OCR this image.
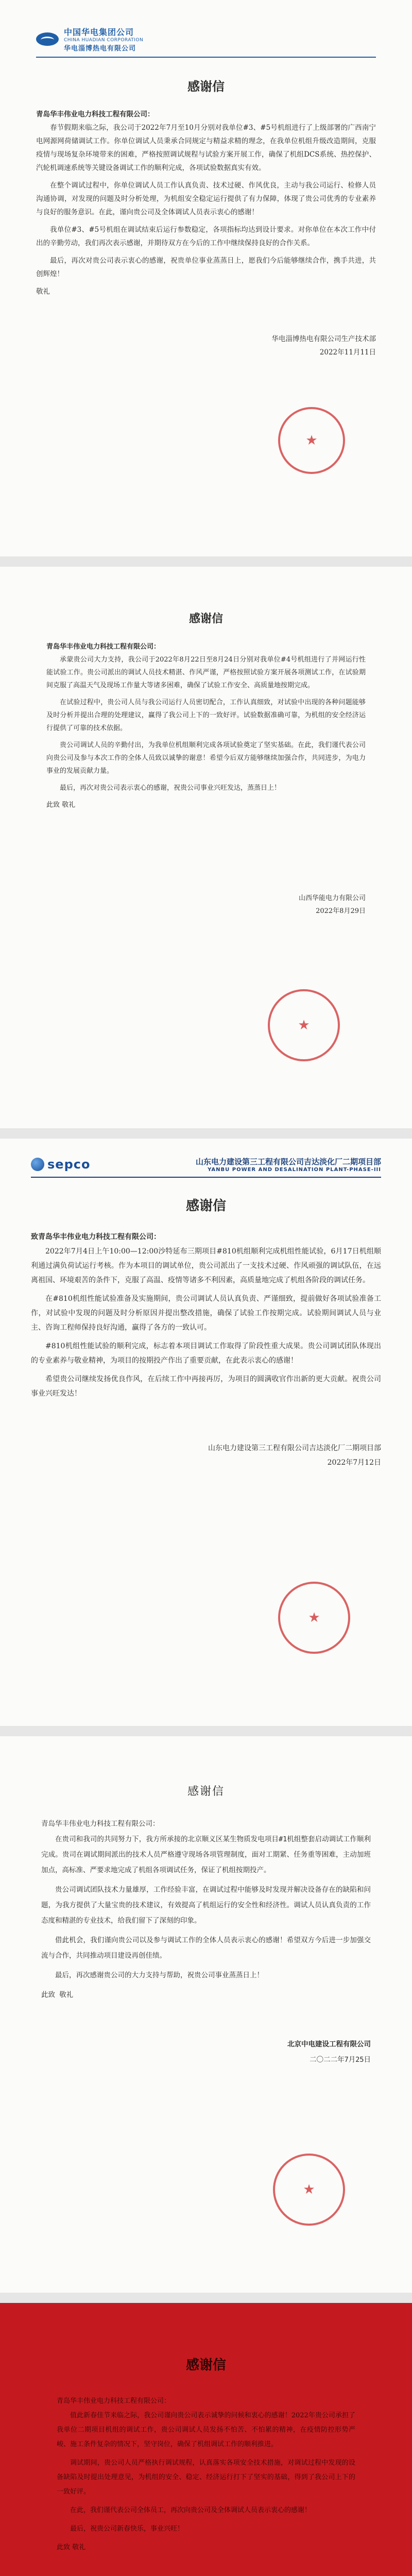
中国华电集团公司
CHINA HUADIAN CORPORATION
华电淄博热电有限公司
感谢信
青岛华丰伟业电力科技工程有限公司：

春节假期来临之际，我公司于2022年7月至10月分别对我单位#3、#5号机组进行了上级部署的广西南宁电网源网荷储调试工作。你单位调试人员秉承合同规定与精益求精的理念，在我单位机组升级改造期间，克服疫情与现场复杂环境带来的困难，严格按照调试规程与试验方案开展工作，确保了机组DCS系统、热控保护、汽轮机调速系统等关键设备调试工作的顺利完成，各项试验数据真实有效。

在整个调试过程中，你单位调试人员工作认真负责、技术过硬、作风优良，主动与我公司运行、检修人员沟通协调，对发现的问题及时分析处理，为机组安全稳定运行提供了有力保障，体现了贵公司优秀的专业素养与良好的服务意识。在此，谨向贵公司及全体调试人员表示衷心的感谢！

我单位#3、#5号机组在调试结束后运行参数稳定，各项指标均达到设计要求。对你单位在本次工作中付出的辛勤劳动，我们再次表示感谢，并期待双方在今后的工作中继续保持良好的合作关系。

最后，再次对贵公司表示衷心的感谢，祝贵单位事业蒸蒸日上，愿我们今后能够继续合作，携手共进，共创辉煌！

敬礼
华电淄博热电有限公司生产技术部
2022年11月11日
★
感谢信
青岛华丰伟业电力科技工程有限公司：

承蒙贵公司大力支持，我公司于2022年8月22日至8月24日分别对我单位#4号机组进行了并网运行性能试验工作。贵公司派出的调试人员技术精湛、作风严谨，严格按照试验方案开展各项测试工作，在试验期间克服了高温天气及现场工作量大等诸多困难，确保了试验工作安全、高质量地按期完成。

在试验过程中，贵公司人员与我公司运行人员密切配合，工作认真细致，对试验中出现的各种问题能够及时分析并提出合理的处理建议，赢得了我公司上下的一致好评。试验数据准确可靠，为机组的安全经济运行提供了可靠的技术依据。

贵公司调试人员的辛勤付出，为我单位机组顺利完成各项试验奠定了坚实基础。在此，我们谨代表公司向贵公司及参与本次工作的全体人员致以诚挚的谢意！希望今后双方能够继续加强合作，共同进步，为电力事业的发展贡献力量。

最后，再次对贵公司表示衷心的感谢，祝贵公司事业兴旺发达，蒸蒸日上！

此致 敬礼
山西华能电力有限公司
2022年8月29日
★
sepco	山东电力建设第三工程有限公司吉达淡化厂二期项目部
YANBU POWER AND DESALINATION PLANT-PHASE-III
感谢信
致青岛华丰伟业电力科技工程有限公司：

2022年7月4日上午10:00—12:00沙特延布三期项目#810机组顺利完成机组性能试验，6月17日机组顺利通过满负荷试运行考核。作为本项目的调试单位，贵公司派出了一支技术过硬、作风顽强的调试队伍，在远离祖国、环境艰苦的条件下，克服了高温、疫情等诸多不利因素，高质量地完成了机组各阶段的调试任务。

在#810机组性能试验准备及实施期间，贵公司调试人员认真负责、严谨细致，提前做好各项试验准备工作，对试验中发现的问题及时分析原因并提出整改措施，确保了试验工作按期完成。试验期间调试人员与业主、咨询工程师保持良好沟通，赢得了各方的一致认可。

#810机组性能试验的顺利完成，标志着本项目调试工作取得了阶段性重大成果。贵公司调试团队体现出的专业素养与敬业精神，为项目的按期投产作出了重要贡献，在此表示衷心的感谢！

希望贵公司继续发扬优良作风，在后续工作中再接再厉，为项目的圆满收官作出新的更大贡献。祝贵公司事业兴旺发达！

山东电力建设第三工程有限公司吉达淡化厂二期项目部
2022年7月12日
★
感谢信
青岛华丰伟业电力科技工程有限公司：

在贵司和我司的共同努力下，我方所承接的北京顺义区某生物质发电项目#1机组整套启动调试工作顺利完成。贵司在调试期间派出的技术人员严格遵守现场各项管理制度，面对工期紧、任务重等困难，主动加班加点，高标准、严要求地完成了机组各项调试任务，保证了机组按期投产。

贵公司调试团队技术力量雄厚，工作经验丰富，在调试过程中能够及时发现并解决设备存在的缺陷和问题，为我方提供了大量宝贵的技术建议，有效提高了机组运行的安全性和经济性。调试人员认真负责的工作态度和精湛的专业技术，给我们留下了深刻的印象。

借此机会，我们谨向贵公司以及参与调试工作的全体人员表示衷心的感谢！希望双方今后进一步加强交流与合作，共同推动项目建设再创佳绩。

最后，再次感谢贵公司的大力支持与帮助，祝贵公司事业蒸蒸日上！

此致 敬礼
北京中电建设工程有限公司
二〇二二年7月25日
★
感谢信
青岛华丰伟业电力科技工程有限公司：

值此新春佳节来临之际，我公司谨向贵公司表示诚挚的问候和衷心的感谢！2022年贵公司承担了我单位二期项目机组的调试工作，贵公司调试人员发扬不怕苦、不怕累的精神，在疫情防控形势严峻、施工条件复杂的情况下，坚守岗位，确保了机组调试工作的顺利推进。

调试期间，贵公司人员严格执行调试规程，认真落实各项安全技术措施，对调试过程中发现的设备缺陷及时提出处理意见，为机组的安全、稳定、经济运行打下了坚实的基础，得到了我公司上下的一致好评。

在此，我们谨代表公司全体员工，再次向贵公司及全体调试人员表示衷心的感谢！

最后，祝贵公司新春快乐，事业兴旺！

此致 敬礼
